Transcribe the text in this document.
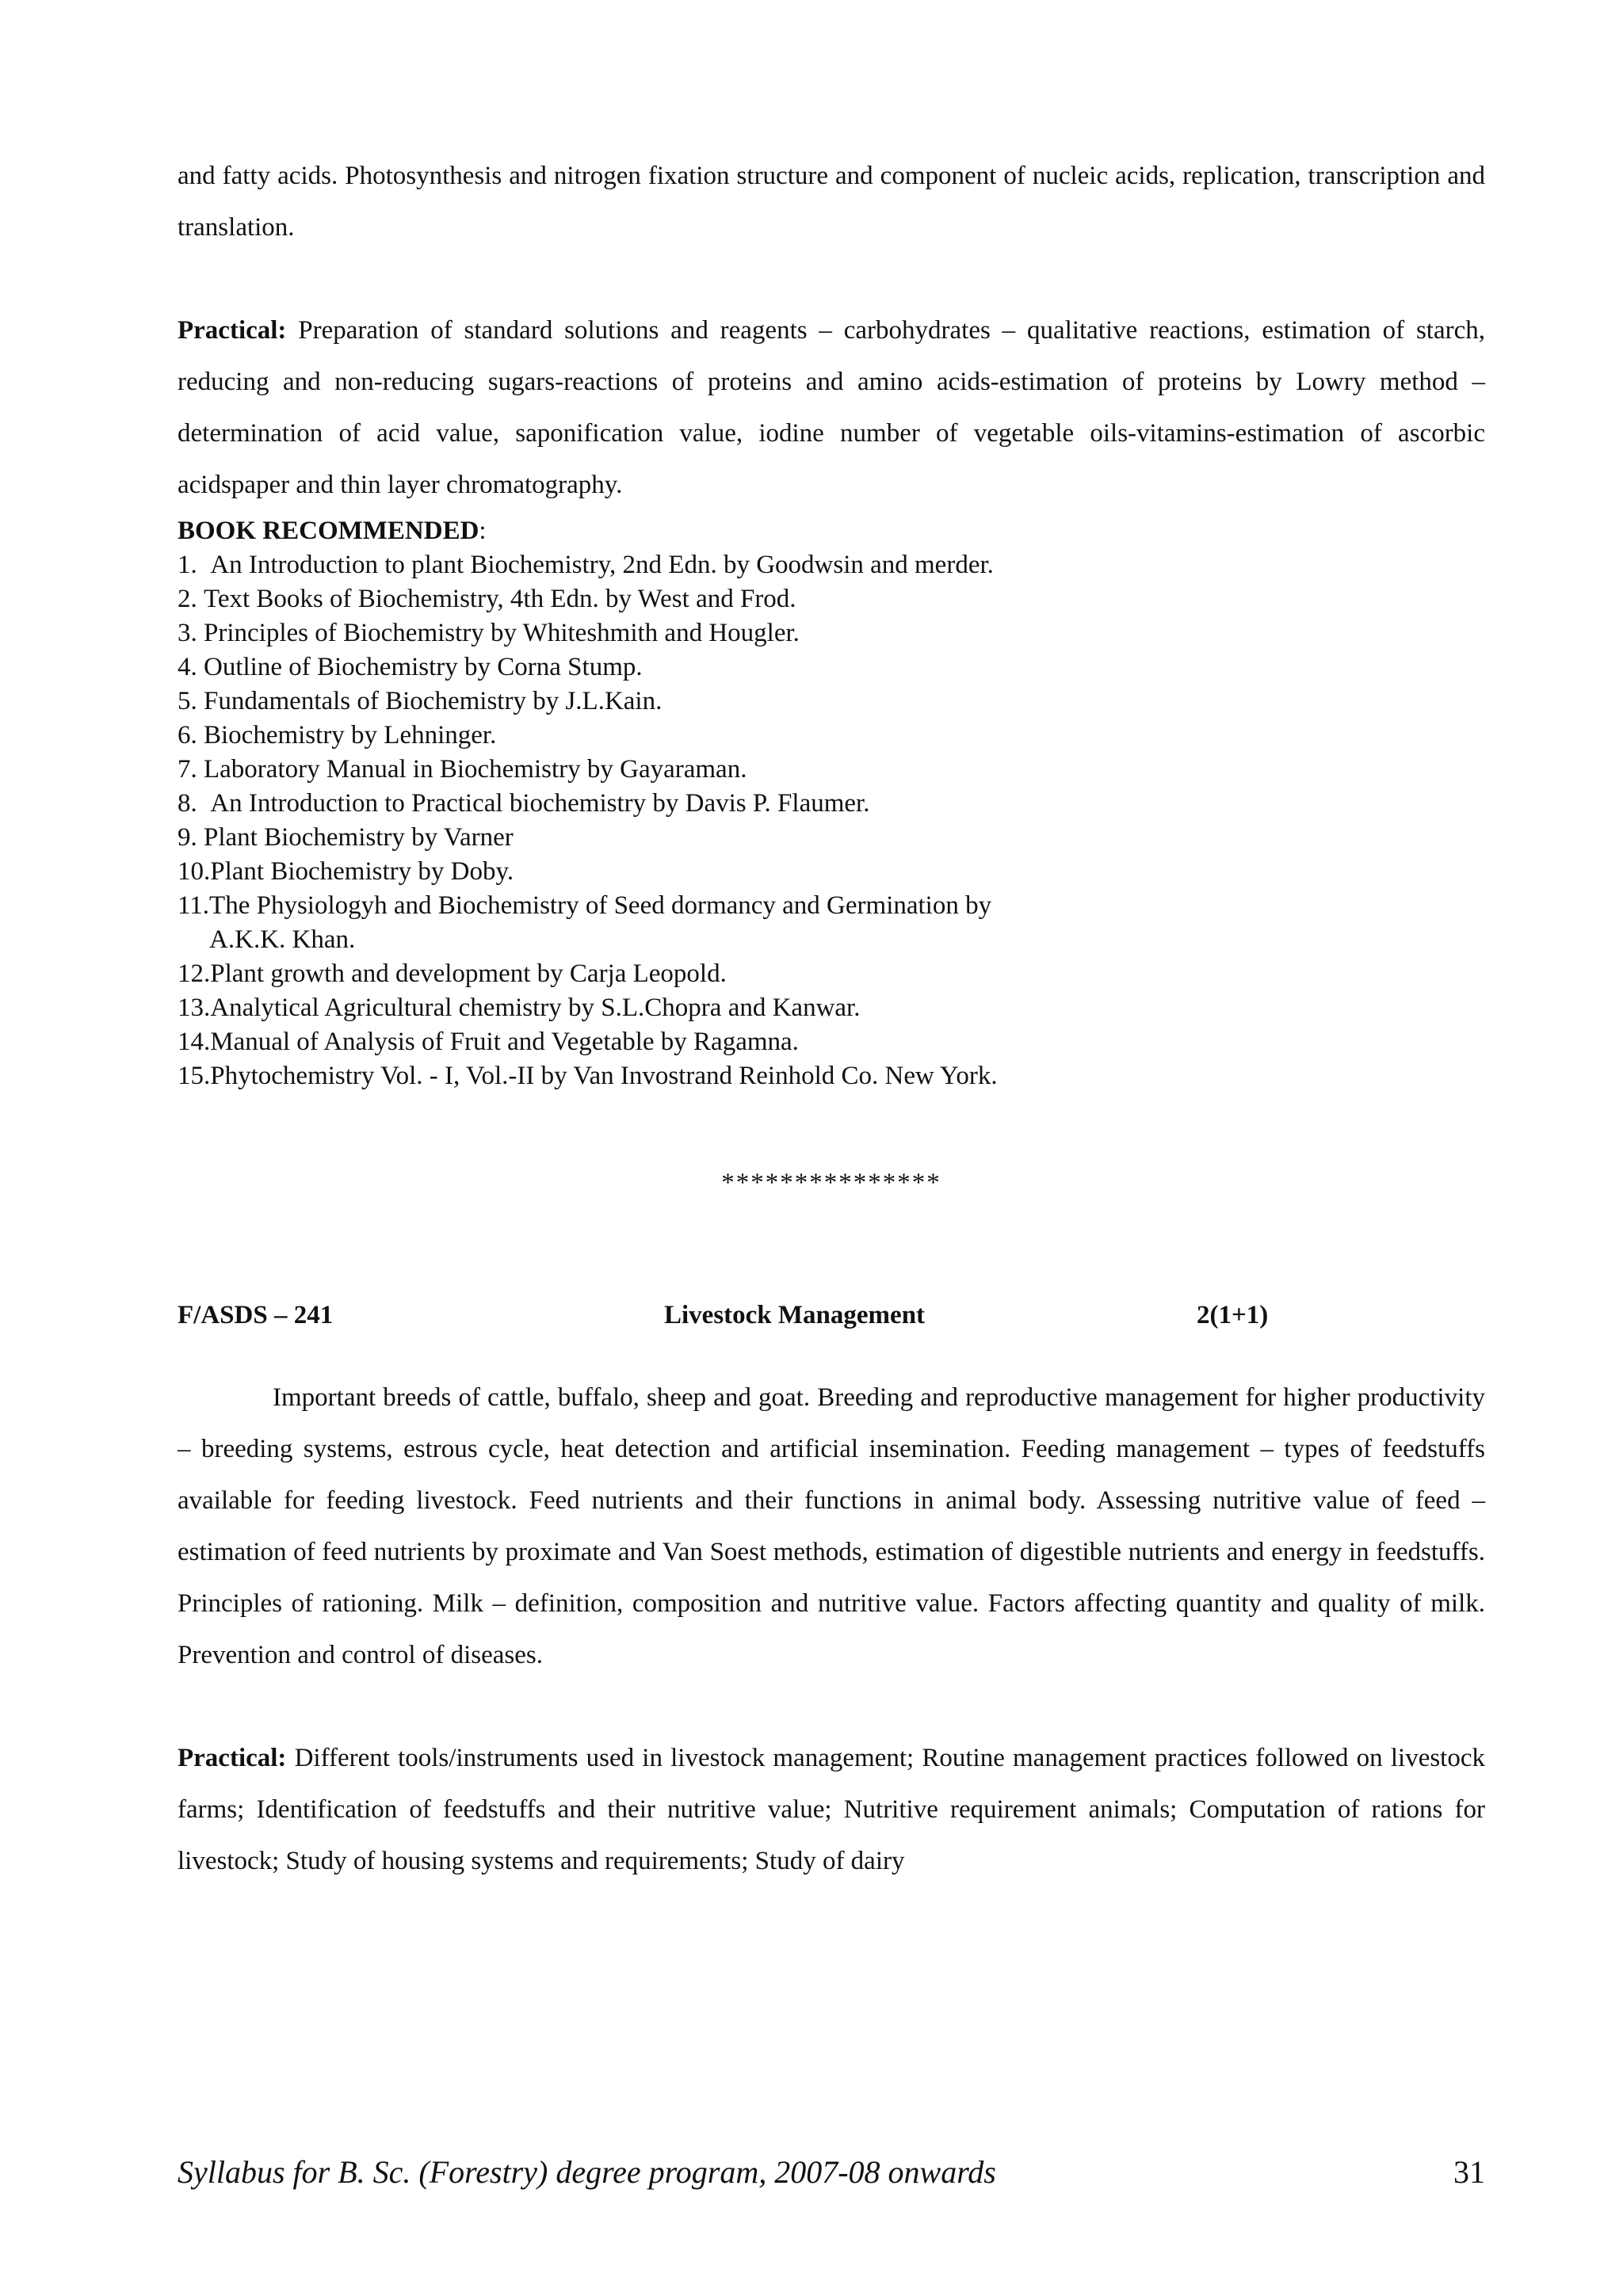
and fatty acids. Photosynthesis and nitrogen fixation structure and component of nucleic acids, replication, transcription and translation.

Practical: Preparation of standard solutions and reagents – carbohydrates – qualitative reactions, estimation of starch, reducing and non-reducing sugars-reactions of proteins and amino acids-estimation of proteins by Lowry method – determination of acid value, saponification value, iodine number of vegetable oils-vitamins-estimation of ascorbic acidspaper and thin layer chromatography.

BOOK RECOMMENDED:
1. An Introduction to plant Biochemistry, 2nd Edn. by Goodwsin and merder.
2. Text Books of Biochemistry, 4th Edn. by West and Frod.
3. Principles of Biochemistry by Whiteshmith and Hougler.
4. Outline of Biochemistry by Corna Stump.
5. Fundamentals of Biochemistry by J.L.Kain.
6. Biochemistry by Lehninger.
7. Laboratory Manual in Biochemistry by Gayaraman.
8. An Introduction to Practical biochemistry by Davis P. Flaumer.
9. Plant Biochemistry by Varner
10. Plant Biochemistry by Doby.
11. The Physiologyh and Biochemistry of Seed dormancy and Germination by A.K.K. Khan.
12. Plant growth and development by Carja Leopold.
13. Analytical Agricultural chemistry by S.L.Chopra and Kanwar.
14. Manual of Analysis of Fruit and Vegetable by Ragamna.
15. Phytochemistry Vol. - I, Vol.-II by Van Invostrand Reinhold Co. New York.
***************
F/ASDS – 241	Livestock Management	2(1+1)

Important breeds of cattle, buffalo, sheep and goat. Breeding and reproductive management for higher productivity – breeding systems, estrous cycle, heat detection and artificial insemination. Feeding management – types of feedstuffs available for feeding livestock. Feed nutrients and their functions in animal body. Assessing nutritive value of feed – estimation of feed nutrients by proximate and Van Soest methods, estimation of digestible nutrients and energy in feedstuffs. Principles of rationing. Milk – definition, composition and nutritive value. Factors affecting quantity and quality of milk. Prevention and control of diseases.

Practical: Different tools/instruments used in livestock management; Routine management practices followed on livestock farms; Identification of feedstuffs and their nutritive value; Nutritive requirement animals; Computation of rations for livestock; Study of housing systems and requirements; Study of dairy

Syllabus for B. Sc. (Forestry) degree program, 2007-08 onwards	31
